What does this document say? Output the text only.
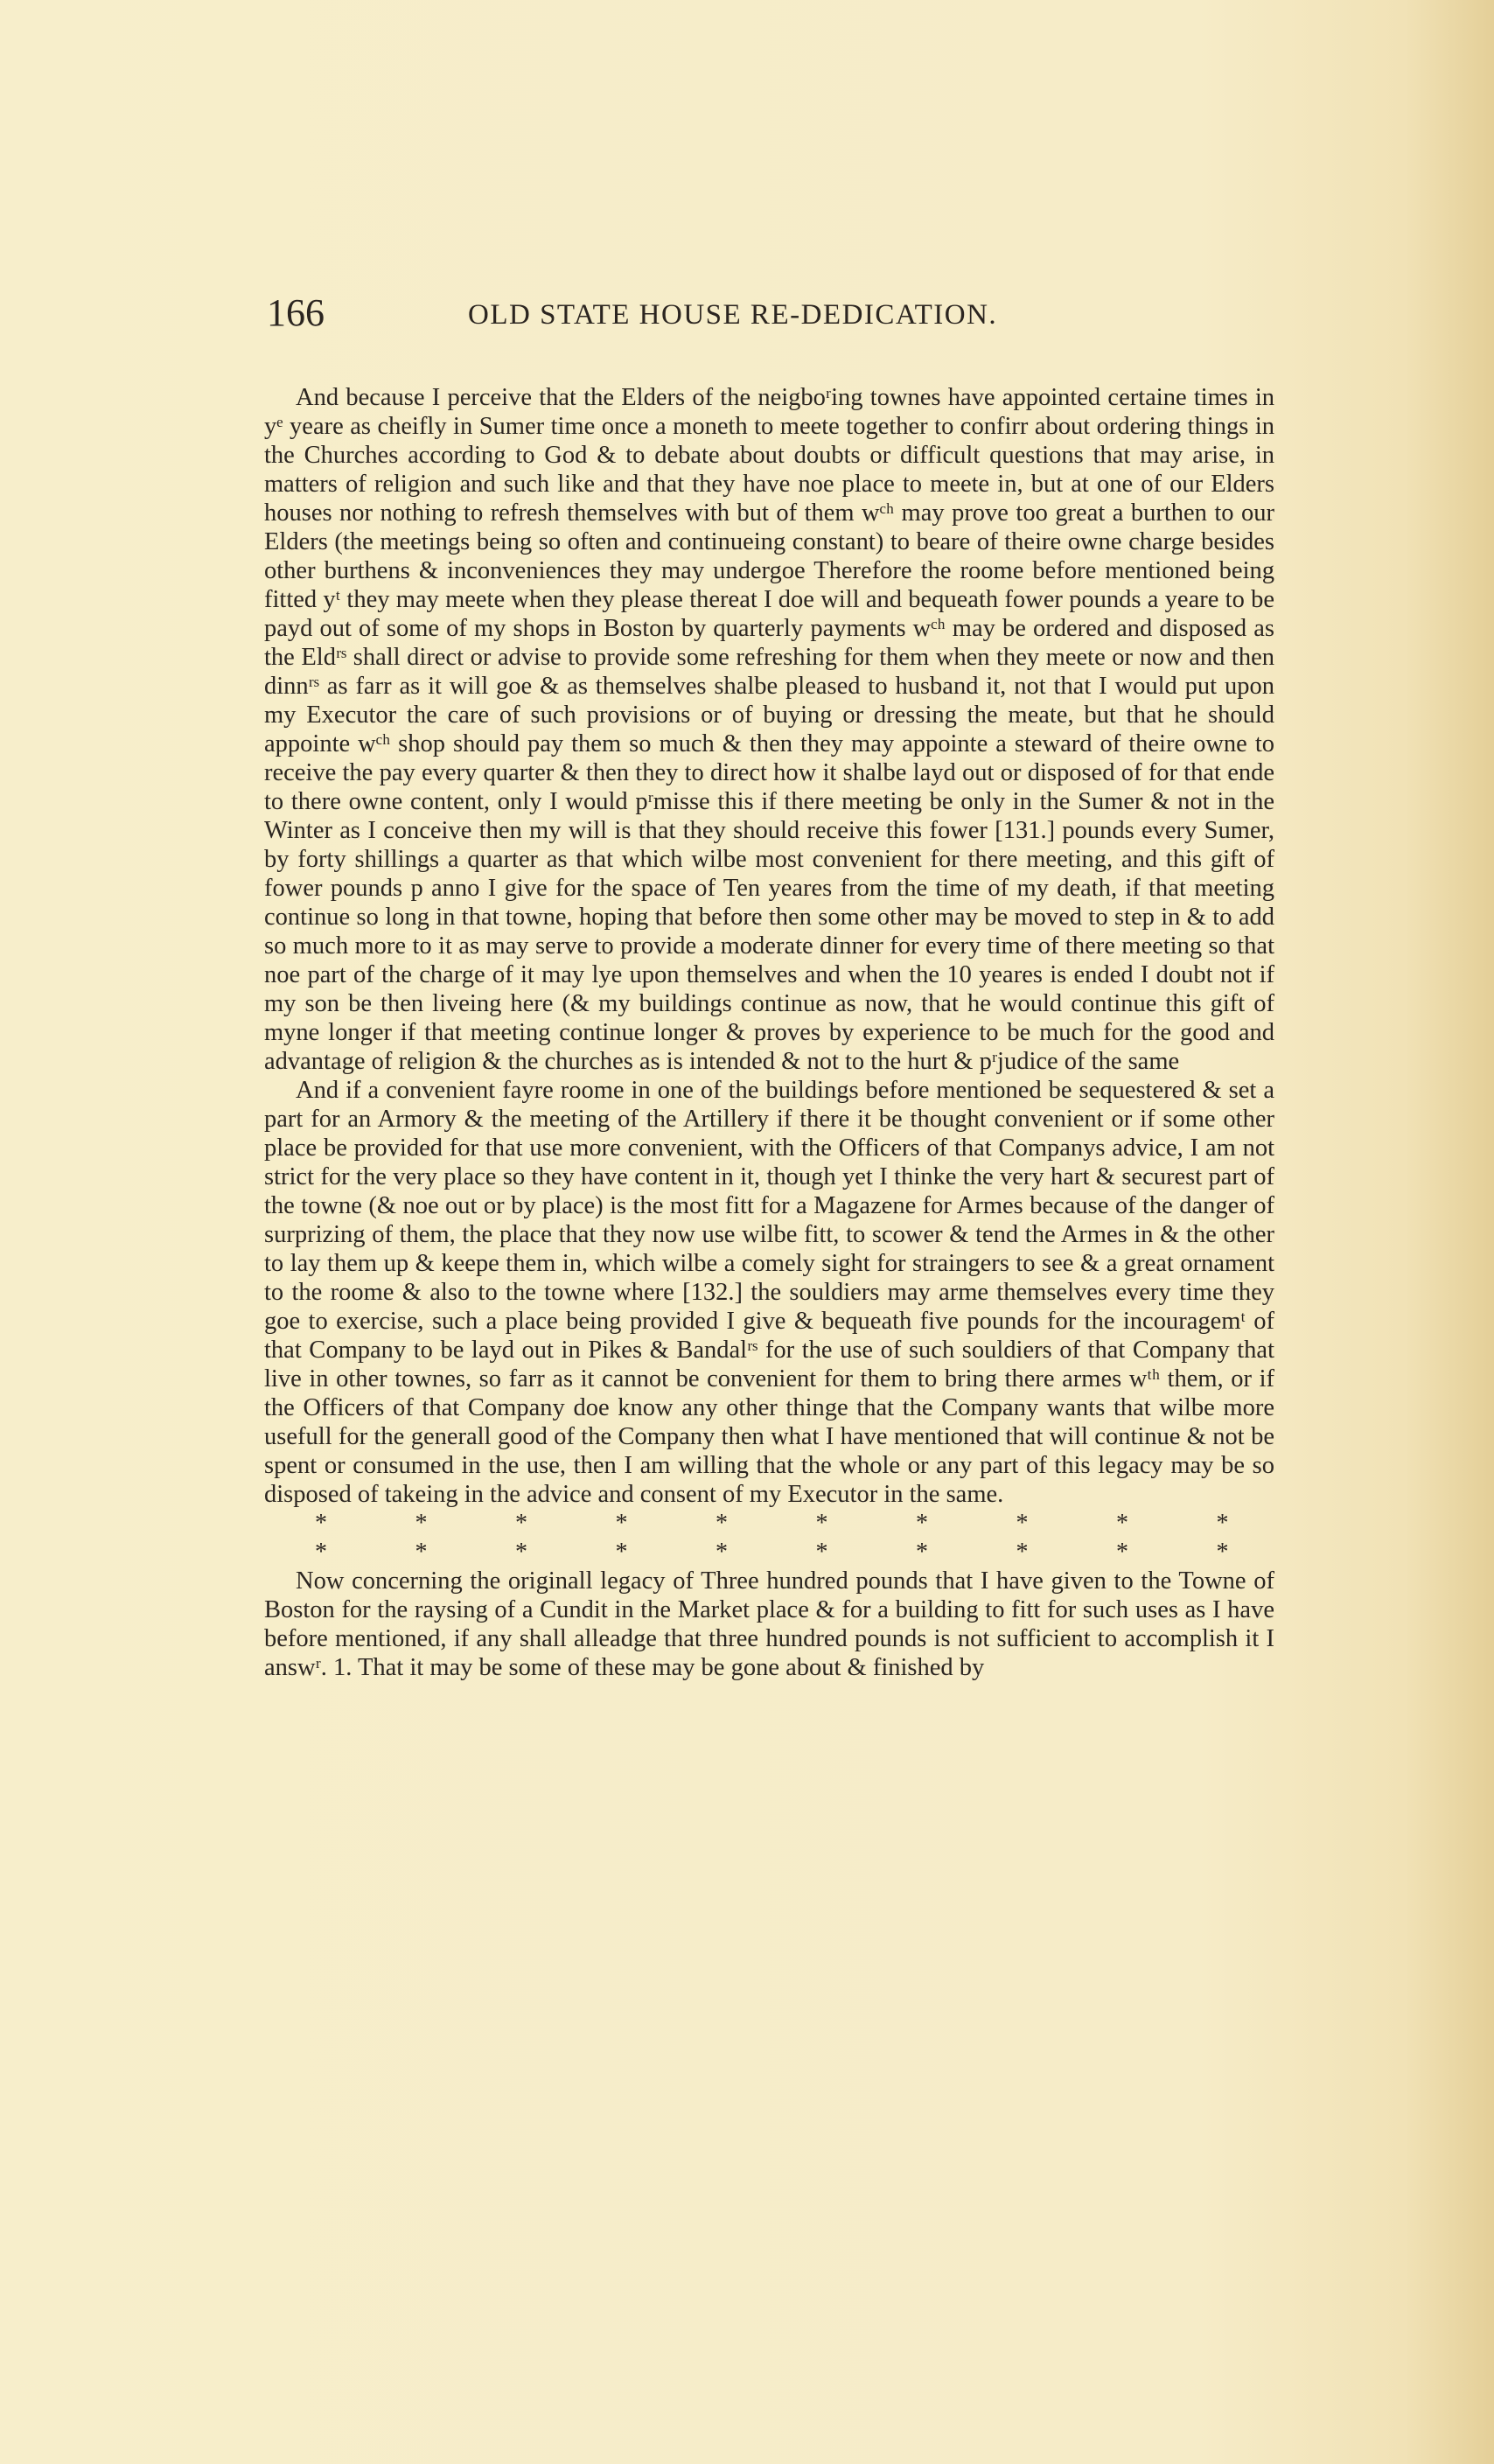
166	OLD STATE HOUSE RE-DEDICATION.

And because I perceive that the Elders of the neigboʳing townes have appointed certaine times in yᵉ yeare as cheifly in Sumer time once a moneth to meete together to confirr about ordering things in the Churches according to God & to debate about doubts or difficult questions that may arise, in matters of religion and such like and that they have noe place to meete in, but at one of our Elders houses nor nothing to refresh themselves with but of them wᶜʰ may prove too great a burthen to our Elders (the meetings being so often and continueing constant) to beare of theire owne charge besides other burthens & inconveniences they may undergoe Therefore the roome before mentioned being fitted yᵗ they may meete when they please thereat I doe will and bequeath fower pounds a yeare to be payd out of some of my shops in Boston by quarterly payments wᶜʰ may be ordered and disposed as the Eldʳˢ shall direct or advise to provide some refreshing for them when they meete or now and then dinnʳˢ as farr as it will goe & as themselves shalbe pleased to husband it, not that I would put upon my Executor the care of such provisions or of buying or dressing the meate, but that he should appointe wᶜʰ shop should pay them so much & then they may appointe a steward of theire owne to receive the pay every quarter & then they to direct how it shalbe layd out or disposed of for that ende to there owne content, only I would pʳmisse this if there meeting be only in the Sumer & not in the Winter as I conceive then my will is that they should receive this fower [131.] pounds every Sumer, by forty shillings a quarter as that which wilbe most convenient for there meeting, and this gift of fower pounds p anno I give for the space of Ten yeares from the time of my death, if that meeting continue so long in that towne, hoping that before then some other may be moved to step in & to add so much more to it as may serve to provide a moderate dinner for every time of there meeting so that noe part of the charge of it may lye upon themselves and when the 10 yeares is ended I doubt not if my son be then liveing here (& my buildings continue as now, that he would continue this gift of myne longer if that meeting continue longer & proves by experience to be much for the good and advantage of religion & the churches as is intended & not to the hurt & pʳjudice of the same

And if a convenient fayre roome in one of the buildings before mentioned be sequestered & set a part for an Armory & the meeting of the Artillery if there it be thought convenient or if some other place be provided for that use more convenient, with the Officers of that Companys advice, I am not strict for the very place so they have content in it, though yet I thinke the very hart & securest part of the towne (& noe out or by place) is the most fitt for a Magazene for Armes because of the danger of surprizing of them, the place that they now use wilbe fitt, to scower & tend the Armes in & the other to lay them up & keepe them in, which wilbe a comely sight for straingers to see & a great ornament to the roome & also to the towne where [132.] the souldiers may arme themselves every time they goe to exercise, such a place being provided I give & bequeath five pounds for the incouragemᵗ of that Company to be layd out in Pikes & Bandalʳˢ for the use of such souldiers of that Company that live in other townes, so farr as it cannot be convenient for them to bring there armes wᵗʰ them, or if the Officers of that Company doe know any other thinge that the Company wants that wilbe more usefull for the generall good of the Company then what I have mentioned that will continue & not be spent or consumed in the use, then I am willing that the whole or any part of this legacy may be so disposed of takeing in the advice and consent of my Executor in the same.

*	*	*	*	*	*	*	*	*	*
*	*	*	*	*	*	*	*	*	*

Now concerning the originall legacy of Three hundred pounds that I have given to the Towne of Boston for the raysing of a Cundit in the Market place & for a building to fitt for such uses as I have before mentioned, if any shall alleadge that three hundred pounds is not sufficient to accomplish it I answʳ. 1. That it may be some of these may be gone about & finished by
